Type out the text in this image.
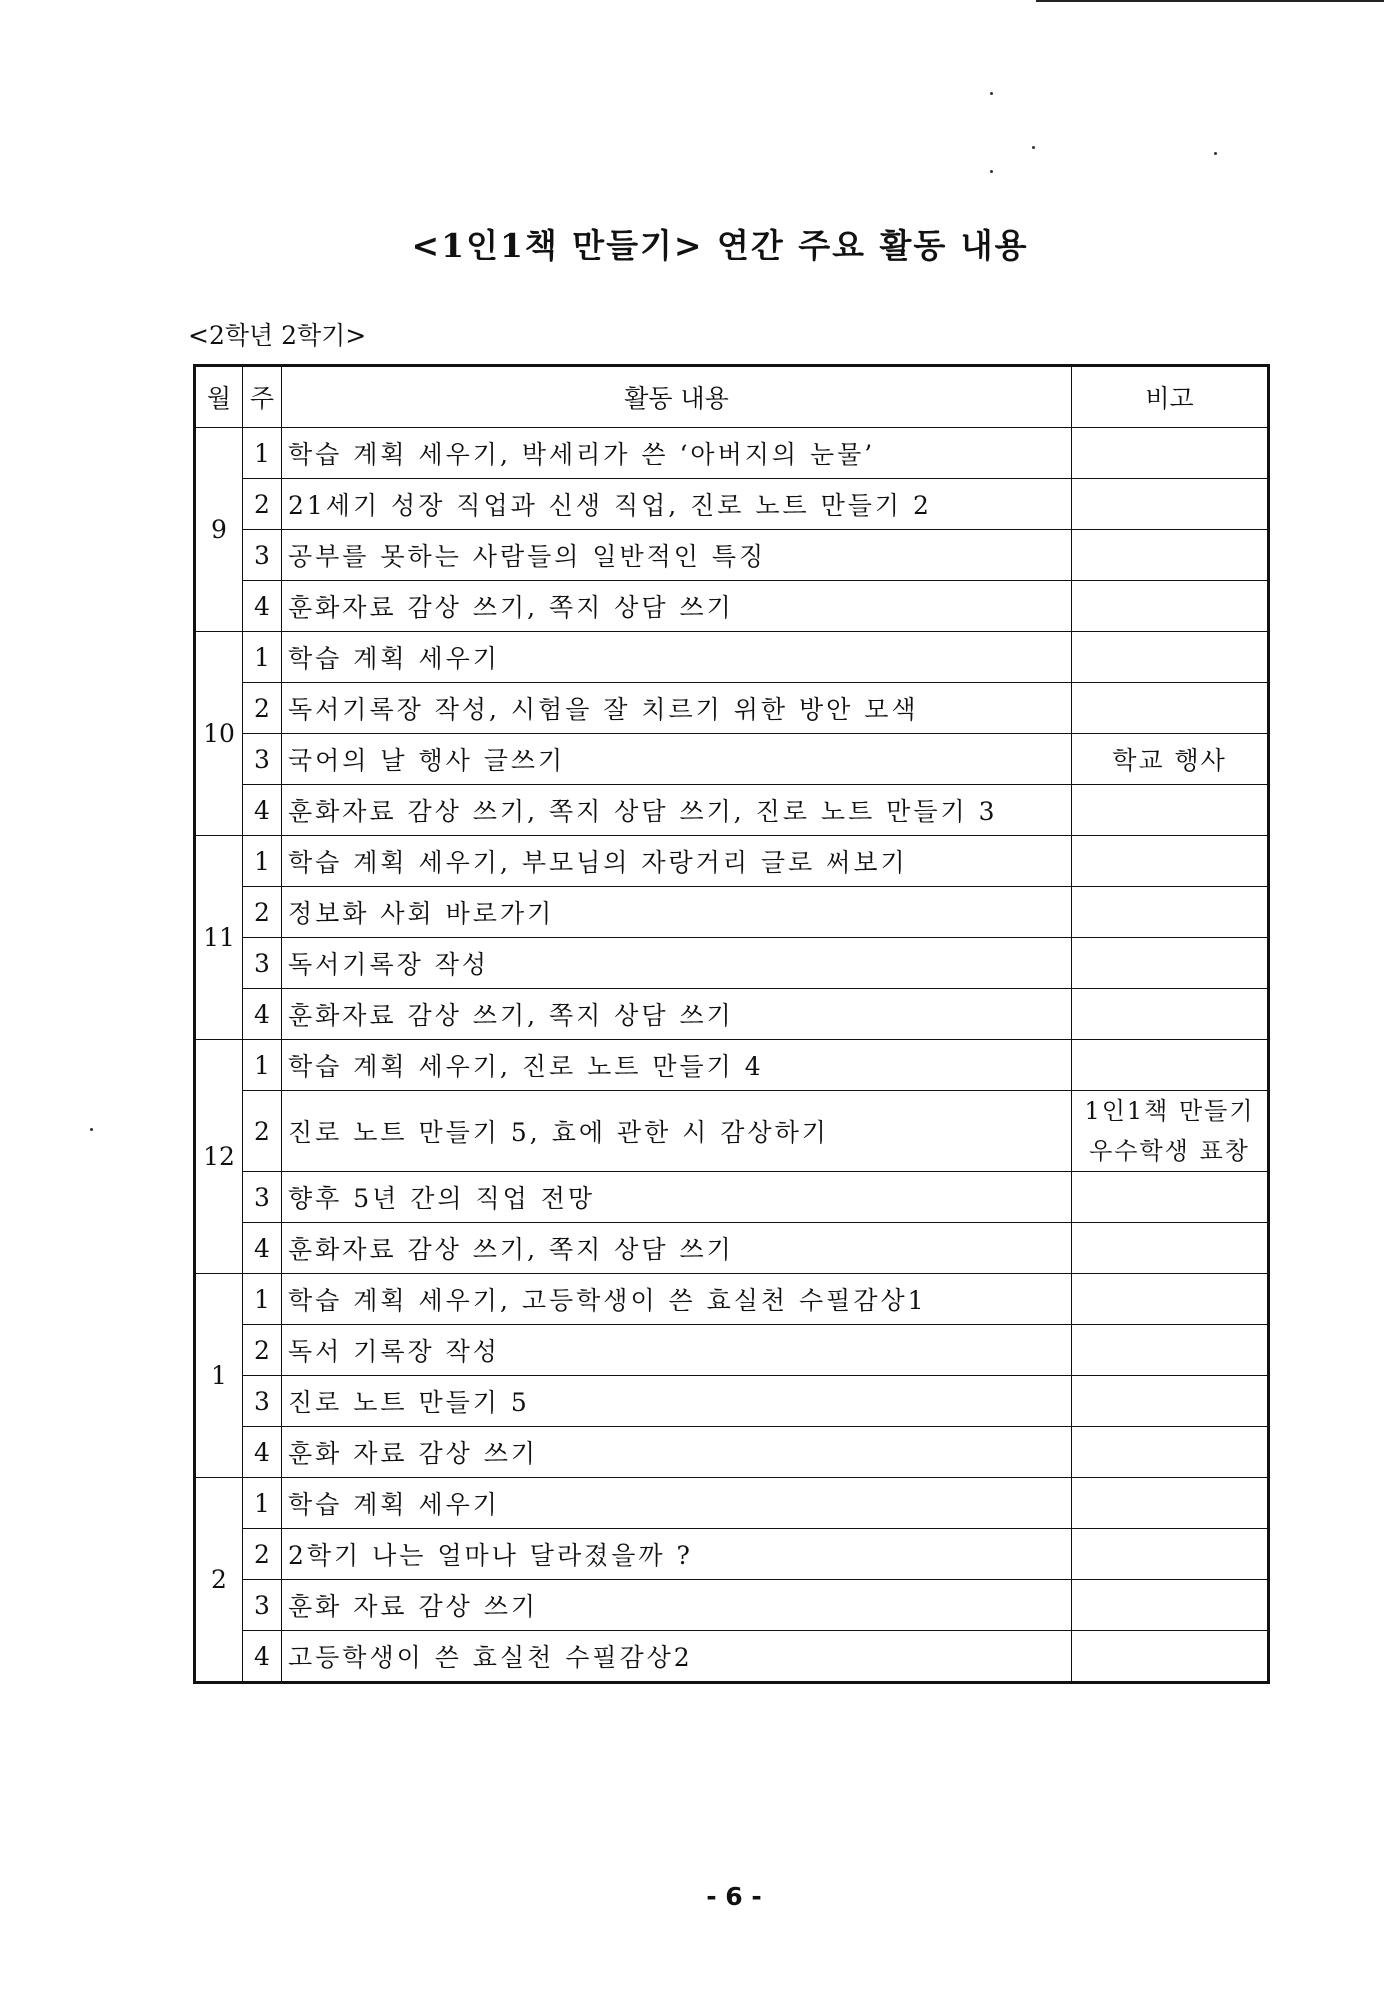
<1인1책 만들기> 연간 주요 활동 내용
<2학년 2학기>
월	주	활동 내용	비고
9	1	학습 계획 세우기, 박세리가 쓴 ‘아버지의 눈물’	
	2	21세기 성장 직업과 신생 직업, 진로 노트 만들기 2	
	3	공부를 못하는 사람들의 일반적인 특징	
	4	훈화자료 감상 쓰기, 쪽지 상담 쓰기	
10	1	학습 계획 세우기	
	2	독서기록장 작성, 시험을 잘 치르기 위한 방안 모색	
	3	국어의 날 행사 글쓰기	학교 행사
	4	훈화자료 감상 쓰기, 쪽지 상담 쓰기, 진로 노트 만들기 3	
11	1	학습 계획 세우기, 부모님의 자랑거리 글로 써보기	
	2	정보화 사회 바로가기	
	3	독서기록장 작성	
	4	훈화자료 감상 쓰기, 쪽지 상담 쓰기	
12	1	학습 계획 세우기, 진로 노트 만들기 4	
	2	진로 노트 만들기 5, 효에 관한 시 감상하기	1인1책 만들기
우수학생 표창

	3	향후 5년 간의 직업 전망	
	4	훈화자료 감상 쓰기, 쪽지 상담 쓰기	
1	1	학습 계획 세우기, 고등학생이 쓴 효실천 수필감상1	
	2	독서 기록장 작성	
	3	진로 노트 만들기 5	
	4	훈화 자료 감상 쓰기	
2	1	학습 계획 세우기	
	2	2학기 나는 얼마나 달라졌을까 ?	
	3	훈화 자료 감상 쓰기	
	4	고등학생이 쓴 효실천 수필감상2	
- 6 -
